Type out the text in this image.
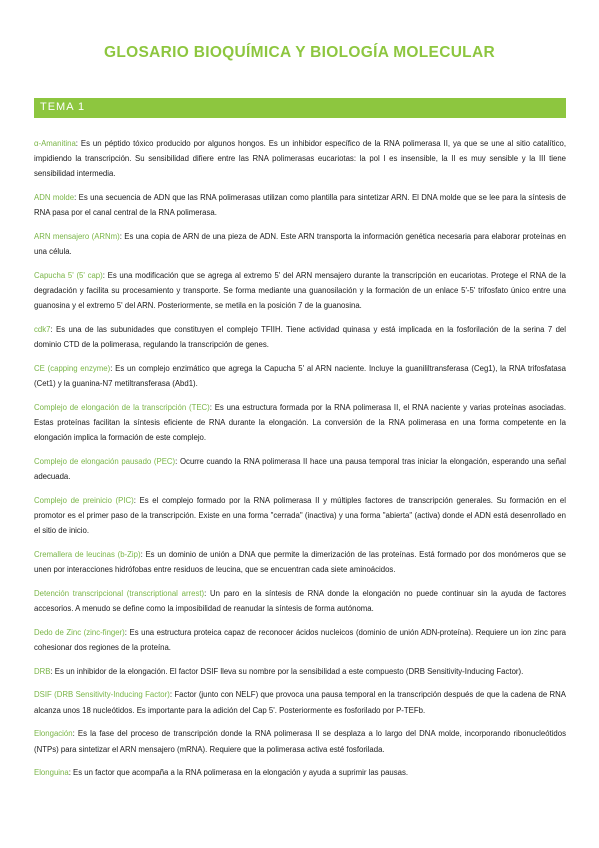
GLOSARIO BIOQUÍMICA Y BIOLOGÍA MOLECULAR
TEMA 1

α-Amanitina: Es un péptido tóxico producido por algunos hongos. Es un inhibidor específico de la RNA polimerasa II, ya que se une al sitio catalítico, impidiendo la transcripción. Su sensibilidad difiere entre las RNA polimerasas eucariotas: la pol I es insensible, la II es muy sensible y la III tiene sensibilidad intermedia.

ADN molde: Es una secuencia de ADN que las RNA polimerasas utilizan como plantilla para sintetizar ARN. El DNA molde que se lee para la síntesis de RNA pasa por el canal central de la RNA polimerasa.

ARN mensajero (ARNm): Es una copia de ARN de una pieza de ADN. Este ARN transporta la información genética necesaria para elaborar proteínas en una célula.

Capucha 5' (5' cap): Es una modificación que se agrega al extremo 5' del ARN mensajero durante la transcripción en eucariotas. Protege el RNA de la degradación y facilita su procesamiento y transporte. Se forma mediante una guanosilación y la formación de un enlace 5'-5' trifosfato único entre una guanosina y el extremo 5' del ARN. Posteriormente, se metila en la posición 7 de la guanosina.

cdk7: Es una de las subunidades que constituyen el complejo TFIIH. Tiene actividad quinasa y está implicada en la fosforilación de la serina 7 del dominio CTD de la polimerasa, regulando la transcripción de genes.

CE (capping enzyme): Es un complejo enzimático que agrega la Capucha 5' al ARN naciente. Incluye la guanililtransferasa (Ceg1), la RNA trifosfatasa (Cet1) y la guanina-N7 metiltransferasa (Abd1).

Complejo de elongación de la transcripción (TEC): Es una estructura formada por la RNA polimerasa II, el RNA naciente y varias proteínas asociadas. Estas proteínas facilitan la síntesis eficiente de RNA durante la elongación. La conversión de la RNA polimerasa en una forma competente en la elongación implica la formación de este complejo.

Complejo de elongación pausado (PEC): Ocurre cuando la RNA polimerasa II hace una pausa temporal tras iniciar la elongación, esperando una señal adecuada.

Complejo de preinicio (PIC): Es el complejo formado por la RNA polimerasa II y múltiples factores de transcripción generales. Su formación en el promotor es el primer paso de la transcripción. Existe en una forma "cerrada" (inactiva) y una forma "abierta" (activa) donde el ADN está desenrollado en el sitio de inicio.

Cremallera de leucinas (b-Zip): Es un dominio de unión a DNA que permite la dimerización de las proteínas. Está formado por dos monómeros que se unen por interacciones hidrófobas entre residuos de leucina, que se encuentran cada siete aminoácidos.

Detención transcripcional (transcriptional arrest): Un paro en la síntesis de RNA donde la elongación no puede continuar sin la ayuda de factores accesorios. A menudo se define como la imposibilidad de reanudar la síntesis de forma autónoma.

Dedo de Zinc (zinc-finger): Es una estructura proteica capaz de reconocer ácidos nucleicos (dominio de unión ADN-proteína). Requiere un ion zinc para cohesionar dos regiones de la proteína.

DRB: Es un inhibidor de la elongación. El factor DSIF lleva su nombre por la sensibilidad a este compuesto (DRB Sensitivity-Inducing Factor).

DSIF (DRB Sensitivity-Inducing Factor): Factor (junto con NELF) que provoca una pausa temporal en la transcripción después de que la cadena de RNA alcanza unos 18 nucleótidos. Es importante para la adición del Cap 5'. Posteriormente es fosforilado por P-TEFb.

Elongación: Es la fase del proceso de transcripción donde la RNA polimerasa II se desplaza a lo largo del DNA molde, incorporando ribonucleótidos (NTPs) para sintetizar el ARN mensajero (mRNA). Requiere que la polimerasa activa esté fosforilada.

Elonguina: Es un factor que acompaña a la RNA polimerasa en la elongación y ayuda a suprimir las pausas.
